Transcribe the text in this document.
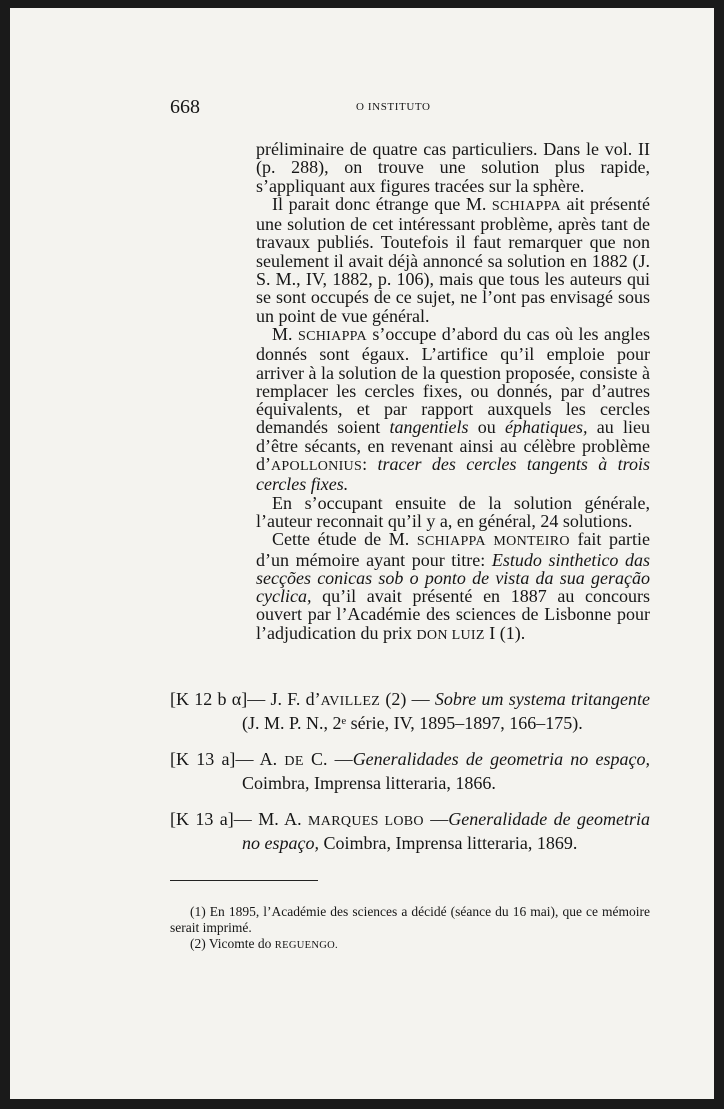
668	O INSTITUTO

préliminaire de quatre cas particuliers. Dans le vol. II (p. 288), on trouve une solution plus rapide, s’appliquant aux figures tracées sur la sphère.

Il parait donc étrange que M. SCHIAPPA ait présenté une solution de cet intéressant problème, après tant de travaux publiés. Toutefois il faut remarquer que non seulement il avait déjà annoncé sa solution en 1882 (J. S. M., IV, 1882, p. 106), mais que tous les auteurs qui se sont occupés de ce sujet, ne l’ont pas envisagé sous un point de vue général.

M. SCHIAPPA s’occupe d’abord du cas où les angles donnés sont égaux. L’artifice qu’il emploie pour arriver à la solution de la question proposée, consiste à remplacer les cercles fixes, ou donnés, par d’autres équivalents, et par rapport auxquels les cercles demandés soient tangentiels ou éphatiques, au lieu d’être sécants, en revenant ainsi au célèbre problème d’APOLLONIUS: tracer des cercles tangents à trois cercles fixes.

En s’occupant ensuite de la solution générale, l’auteur reconnait qu’il y a, en général, 24 solutions.

Cette étude de M. SCHIAPPA MONTEIRO fait partie d’un mémoire ayant pour titre: Estudo sinthetico das secções conicas sob o ponto de vista da sua geração cyclica, qu’il avait présenté en 1887 au concours ouvert par l’Académie des sciences de Lisbonne pour l’adjudication du prix DON LUIZ I (1).

[K 12 b α]— J. F. d’AVILLEZ (2) — Sobre um systema tritangente (J. M. P. N., 2ᵉ série, IV, 1895–1897, 166–175).

[K 13 a]— A. DE C. —Generalidades de geometria no espaço, Coimbra, Imprensa litteraria, 1866.

[K 13 a]— M. A. MARQUES LOBO —Generalidade de geometria no espaço, Coimbra, Imprensa litteraria, 1869.

(1) En 1895, l’Académie des sciences a décidé (séance du 16 mai), que ce mémoire serait imprimé.

(2) Vicomte do REGUENGO.
